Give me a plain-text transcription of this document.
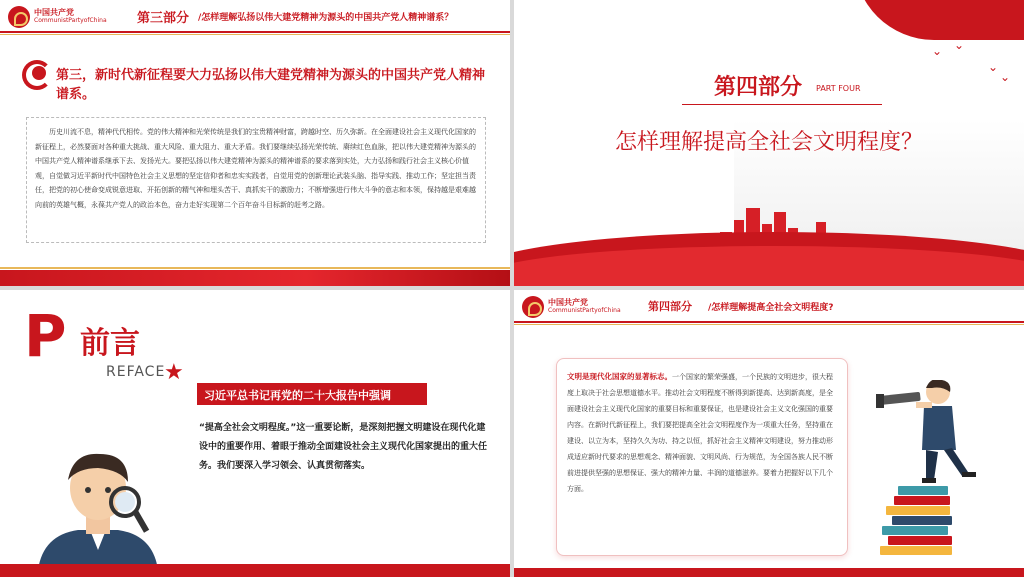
中国共产党
CommunistPartyofChina 第三部分 /怎样理解弘扬以伟大建党精神为源头的中国共产党人精神谱系？
第三，新时代新征程要大力弘扬以伟大建党精神为源头的中国共产党人精神谱系。
历史川流不息，精神代代相传。党的伟大精神和光荣传统是我们的宝贵精神财富，跨越时空、历久弥新。在全面建设社会主义现代化国家的新征程上，必然要面对各种重大挑战、重大风险、重大阻力、重大矛盾。我们要继续弘扬光荣传统、赓续红色血脉，把以伟大建党精神为源头的中国共产党人精神谱系继承下去、发扬光大。要把弘扬以伟大建党精神为源头的精神谱系的要求落到实处，大力弘扬和践行社会主义核心价值观，自觉做习近平新时代中国特色社会主义思想的坚定信仰者和忠实实践者，自觉用党的创新理论武装头脑、指导实践、推动工作；坚定担当责任，把党的初心使命变成锐意进取、开拓创新的精气神和埋头苦干、真抓实干的激励力；不断增强进行伟大斗争的意志和本领，保持越是艰难越向前的英雄气概，永葆共产党人的政治本色，奋力走好实现第二个百年奋斗目标新的赶考之路。
⌄ ⌄
⌄
⌄
第四部分 PART FOUR
怎样理解提高全社会文明程度？
P 前言
REFACE
★
习近平总书记再党的二十大报告中强调
“提高全社会文明程度。”这一重要论断，是深刻把握文明建设在现代化建设中的重要作用、着眼于推动全面建设社会主义现代化国家提出的重大任务。我们要深入学习领会、认真贯彻落实。
中国共产党
CommunistPartyofChina 第四部分 /怎样理解提高全社会文明程度?
文明是现代化国家的显著标志。一个国家的繁荣强盛，一个民族的文明进步，很大程度上取决于社会思想道德水平。推动社会文明程度不断得到新提高、达到新高度，是全面建设社会主义现代化国家的重要目标和重要保证，也是建设社会主义文化强国的重要内容。在新时代新征程上，我们要把提高全社会文明程度作为一项重大任务，坚持重在建设、以立为本，坚持久久为功、持之以恒，抓好社会主义精神文明建设，努力推动形成适应新时代要求的思想观念、精神面貌、文明风尚、行为规范，为全国各族人民不断前进提供坚强的思想保证、强大的精神力量、丰润的道德滋养。要着力把握好以下几个方面。
